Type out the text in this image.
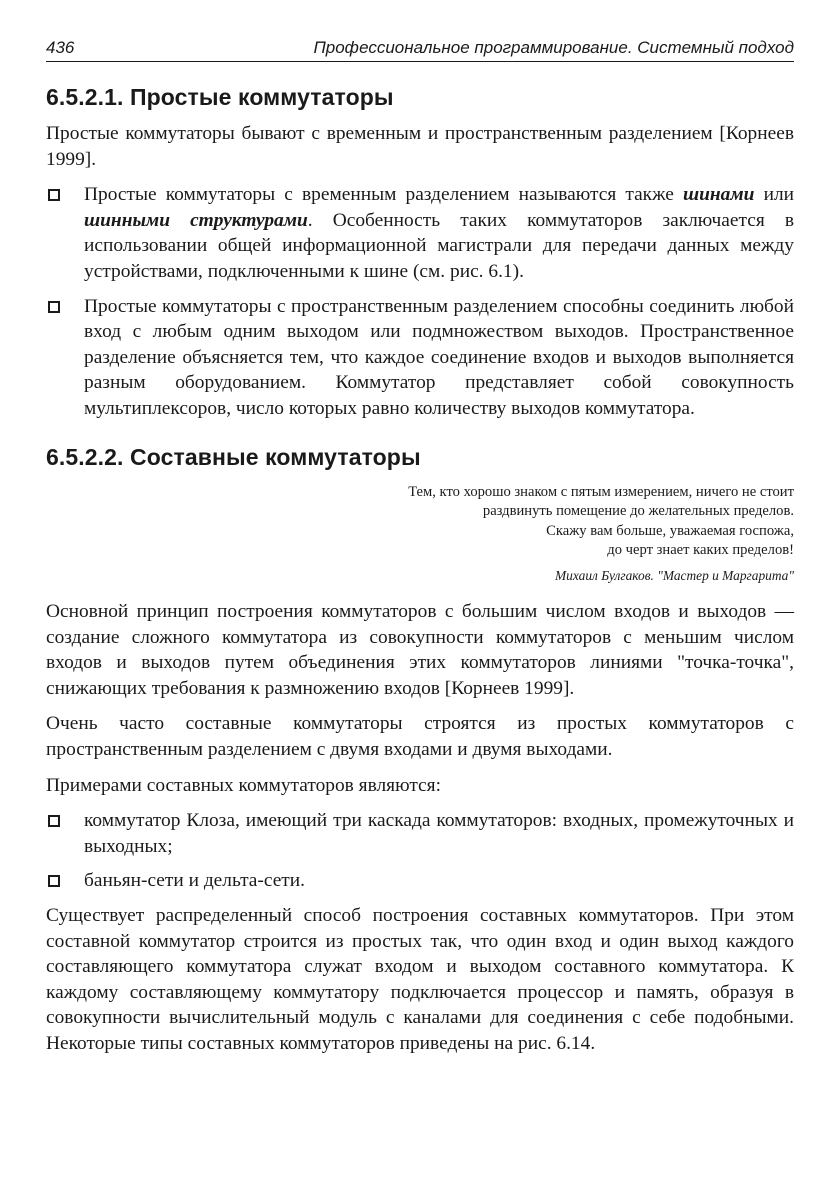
436	Профессиональное программирование. Системный подход
6.5.2.1. Простые коммутаторы

Простые коммутаторы бывают с временным и пространственным разделением [Корнеев 1999].

Простые коммутаторы с временным разделением называются также шинами или шинными структурами. Особенность таких коммутаторов заключается в использовании общей информационной магистрали для передачи данных между устройствами, подключенными к шине (см. рис. 6.1).
Простые коммутаторы с пространственным разделением способны соединить любой вход с любым одним выходом или подмножеством выходов. Пространственное разделение объясняется тем, что каждое соединение входов и выходов выполняется разным оборудованием. Коммутатор представляет собой совокупность мультиплексоров, число которых равно количеству выходов коммутатора.
6.5.2.2. Составные коммутаторы
Тем, кто хорошо знаком с пятым измерением, ничего не стоит
раздвинуть помещение до желательных пределов.
Скажу вам больше, уважаемая госпожа,
до черт знает каких пределов!
Михаил Булгаков. "Мастер и Маргарита"

Основной принцип построения коммутаторов с большим числом входов и выходов — создание сложного коммутатора из совокупности коммутаторов с меньшим числом входов и выходов путем объединения этих коммутаторов линиями "точка-точка", снижающих требования к размножению входов [Корнеев 1999].

Очень часто составные коммутаторы строятся из простых коммутаторов с пространственным разделением с двумя входами и двумя выходами.

Примерами составных коммутаторов являются:

коммутатор Клоза, имеющий три каскада коммутаторов: входных, промежуточных и выходных;
баньян-сети и дельта-сети.

Существует распределенный способ построения составных коммутаторов. При этом составной коммутатор строится из простых так, что один вход и один выход каждого составляющего коммутатора служат входом и выходом составного коммутатора. К каждому составляющему коммутатору подключается процессор и память, образуя в совокупности вычислительный модуль с каналами для соединения с себе подобными. Некоторые типы составных коммутаторов приведены на рис. 6.14.
